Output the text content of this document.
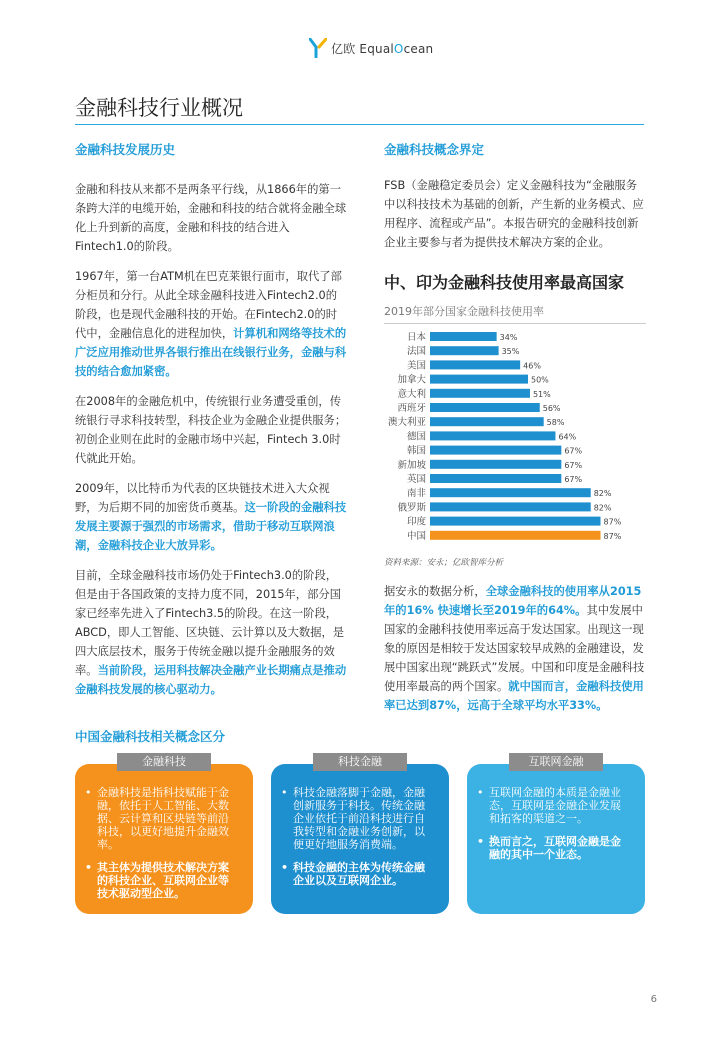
亿欧 EqualOcean
金融科技行业概况
金融科技发展历史

金融和科技从来都不是两条平行线，从1866年的第一条跨大洋的电缆开始，金融和科技的结合就将金融全球化上升到新的高度，金融和科技的结合进入Fintech1.0的阶段。

1967年，第一台ATM机在巴克莱银行面市，取代了部分柜员和分行。从此全球金融科技进入Fintech2.0的阶段，也是现代金融科技的开始。在Fintech2.0的时代中，金融信息化的进程加快，计算机和网络等技术的广泛应用推动世界各银行推出在线银行业务，金融与科技的结合愈加紧密。

在2008年的金融危机中，传统银行业务遭受重创，传统银行寻求科技转型，科技企业为金融企业提供服务；初创企业则在此时的金融市场中兴起，Fintech 3.0时代就此开始。

2009年，以比特币为代表的区块链技术进入大众视野，为后期不同的加密货币奠基。这一阶段的金融科技发展主要源于强烈的市场需求，借助于移动互联网浪潮，金融科技企业大放异彩。

目前，全球金融科技市场仍处于Fintech3.0的阶段，但是由于各国政策的支持力度不同，2015年，部分国家已经率先进入了Fintech3.5的阶段。在这一阶段，ABCD，即人工智能、区块链、云计算以及大数据，是四大底层技术，服务于传统金融以提升金融服务的效率。当前阶段，运用科技解决金融产业长期痛点是推动金融科技发展的核心驱动力。

金融科技概念界定
FSB（金融稳定委员会）定义金融科技为“金融服务中以科技技术为基础的创新，产生新的业务模式、应用程序、流程或产品”。本报告研究的金融科技创新企业主要参与者为提供技术解决方案的企业。
中、印为金融科技使用率最高国家
2019年部分国家金融科技使用率
日本	34%
法国	35%
美国	46%
加拿大	50%
意大利	51%
西班牙	56%
澳大利亚	58%
德国	64%
韩国	67%
新加坡	67%
英国	67%
南非	82%
俄罗斯	82%
印度	87%
中国	87%
资料来源：安永；亿欧智库分析
据安永的数据分析，全球金融科技的使用率从2015年的16% 快速增长至2019年的64%。其中发展中国家的金融科技使用率远高于发达国家。出现这一现象的原因是相较于发达国家较早成熟的金融建设，发展中国家出现“跳跃式”发展。中国和印度是金融科技使用率最高的两个国家。就中国而言，金融科技使用率已达到87%，远高于全球平均水平33%。
中国金融科技相关概念区分
• 金融科技是指科技赋能于金融，依托于人工智能、大数据、云计算和区块链等前沿科技，以更好地提升金融效率。
• 其主体为提供技术解决方案的科技企业、互联网企业等技术驱动型企业。
金融科技
• 科技金融落脚于金融，金融创新服务于科技。传统金融企业依托于前沿科技进行自我转型和金融业务创新，以便更好地服务消费端。
• 科技金融的主体为传统金融企业以及互联网企业。
科技金融
• 互联网金融的本质是金融业态，互联网是金融企业发展和拓客的渠道之一。
• 换而言之，互联网金融是金融的其中一个业态。
互联网金融
6
